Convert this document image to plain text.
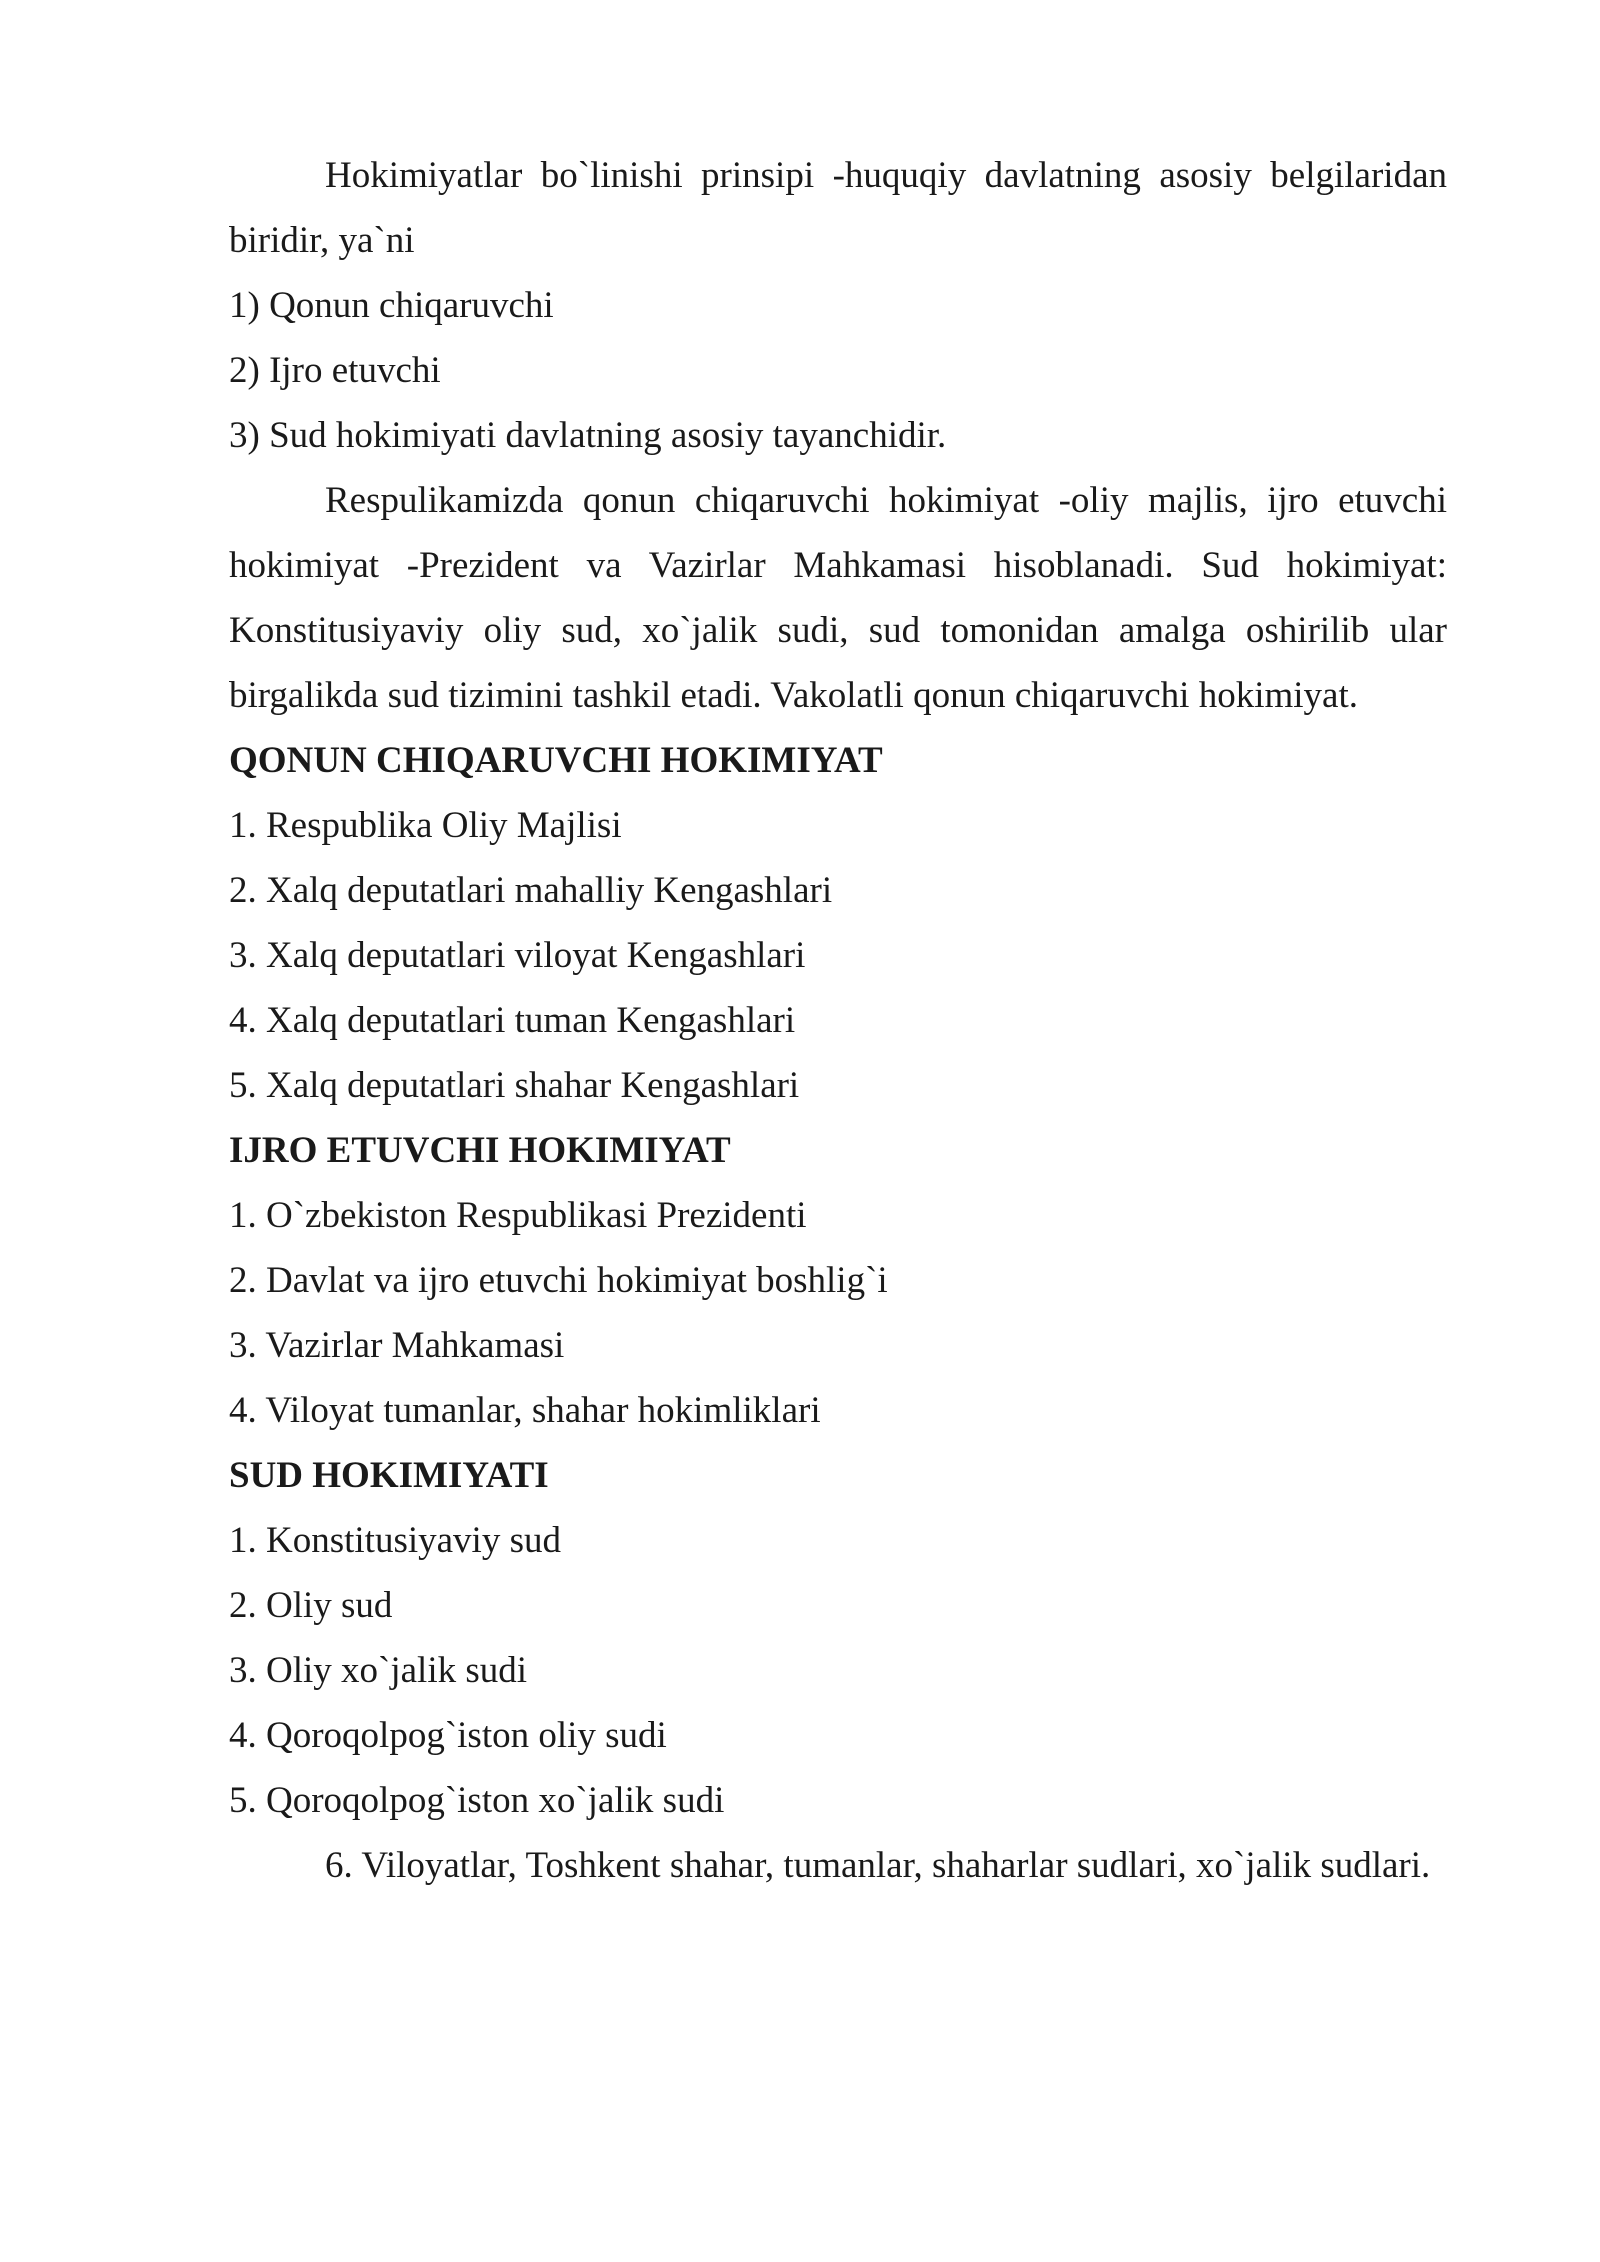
Hokimiyatlar bo`linishi prinsipi -huquqiy davlatning asosiy belgilaridan biridir, ya`ni

1) Qonun chiqaruvchi

2) Ijro etuvchi

3) Sud hokimiyati davlatning asosiy tayanchidir.

Respulikamizda qonun chiqaruvchi hokimiyat -oliy majlis, ijro etuvchi hokimiyat -Prezident va Vazirlar Mahkamasi hisoblanadi. Sud hokimiyat: Konstitusiyaviy oliy sud, xo`jalik sudi, sud tomonidan amalga oshirilib ular birgalikda sud tizimini tashkil etadi. Vakolatli qonun chiqaruvchi hokimiyat.

QONUN CHIQARUVCHI HOKIMIYAT

1. Respublika Oliy Majlisi

2. Xalq deputatlari mahalliy Kengashlari

3. Xalq deputatlari viloyat Kengashlari

4. Xalq deputatlari tuman Kengashlari

5. Xalq deputatlari shahar Kengashlari

IJRO ETUVCHI HOKIMIYAT

1. O`zbekiston Respublikasi Prezidenti

2. Davlat va ijro etuvchi hokimiyat boshlig`i

3. Vazirlar Mahkamasi

4. Viloyat tumanlar, shahar hokimliklari

SUD HOKIMIYATI

1. Konstitusiyaviy sud

2. Oliy sud

3. Oliy xo`jalik sudi

4. Qoroqolpog`iston oliy sudi

5. Qoroqolpog`iston xo`jalik sudi

6. Viloyatlar, Toshkent shahar, tumanlar, shaharlar sudlari, xo`jalik sudlari.
